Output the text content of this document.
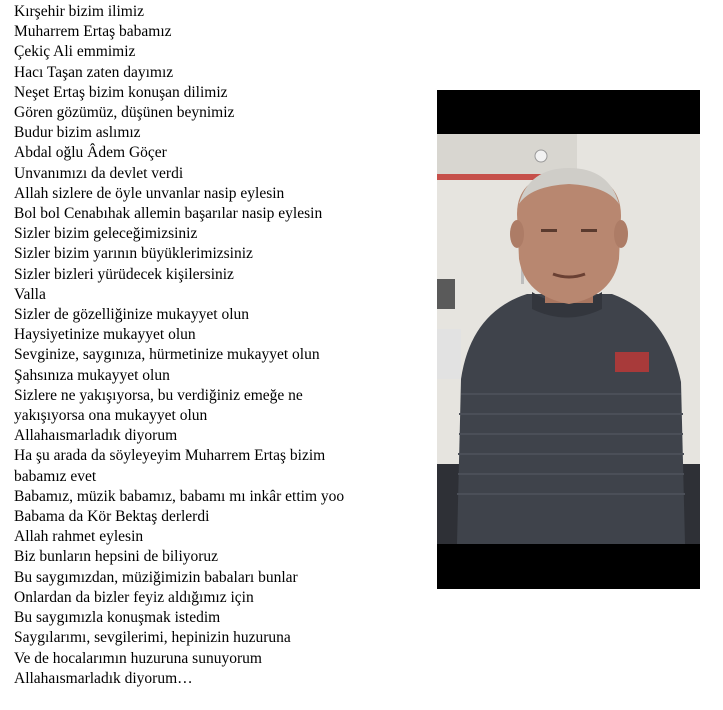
Kırşehir bizim ilimiz
Muharrem Ertaş babamız
Çekiç Ali emmimiz
Hacı Taşan zaten dayımız
Neşet Ertaş bizim konuşan dilimiz
Gören gözümüz, düşünen beynimiz
Budur bizim aslımız
Abdal oğlu Âdem Göçer
Unvanımızı da devlet verdi
Allah sizlere de öyle unvanlar nasip eylesin
Bol bol Cenabıhak allemin başarılar nasip eylesin
Sizler bizim geleceğimizsiniz
Sizler bizim yarının büyüklerimizsiniz
Sizler bizleri yürüdecek kişilersiniz
Valla
Sizler de gözelliğinize mukayyet olun
Haysiyetinize mukayyet olun
Sevginize, saygınıza, hürmetinize mukayyet olun
Şahsınıza mukayyet olun
Sizlere ne yakışıyorsa, bu verdiğiniz emeğe ne
yakışıyorsa ona mukayyet olun
Allahaısmarladık diyorum
Ha şu arada da söyleyeyim Muharrem Ertaş bizim
babamız evet
Babamız, müzik babamız, babamı mı inkâr ettim yoo
Babama da Kör Bektaş derlerdi
Allah rahmet eylesin
Biz bunların hepsini de biliyoruz
Bu saygımızdan, müziğimizin babaları bunlar
Onlardan da bizler feyiz aldığımız için
Bu saygımızla konuşmak istedim
Saygılarımı, sevgilerimi, hepinizin huzuruna
Ve de hocalarımın huzuruna sunuyorum
Allahaısmarladık diyorum…
